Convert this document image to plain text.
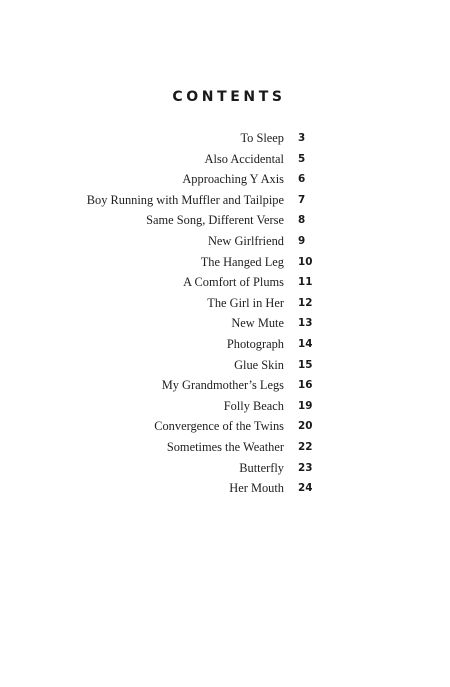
CONTENTS
To Sleep 3
Also Accidental 5
Approaching Y Axis 6
Boy Running with Muffler and Tailpipe 7
Same Song, Different Verse 8
New Girlfriend 9
The Hanged Leg 10
A Comfort of Plums 11
The Girl in Her 12
New Mute 13
Photograph 14
Glue Skin 15
My Grandmother’s Legs 16
Folly Beach 19
Convergence of the Twins 20
Sometimes the Weather 22
Butterfly 23
Her Mouth 24
